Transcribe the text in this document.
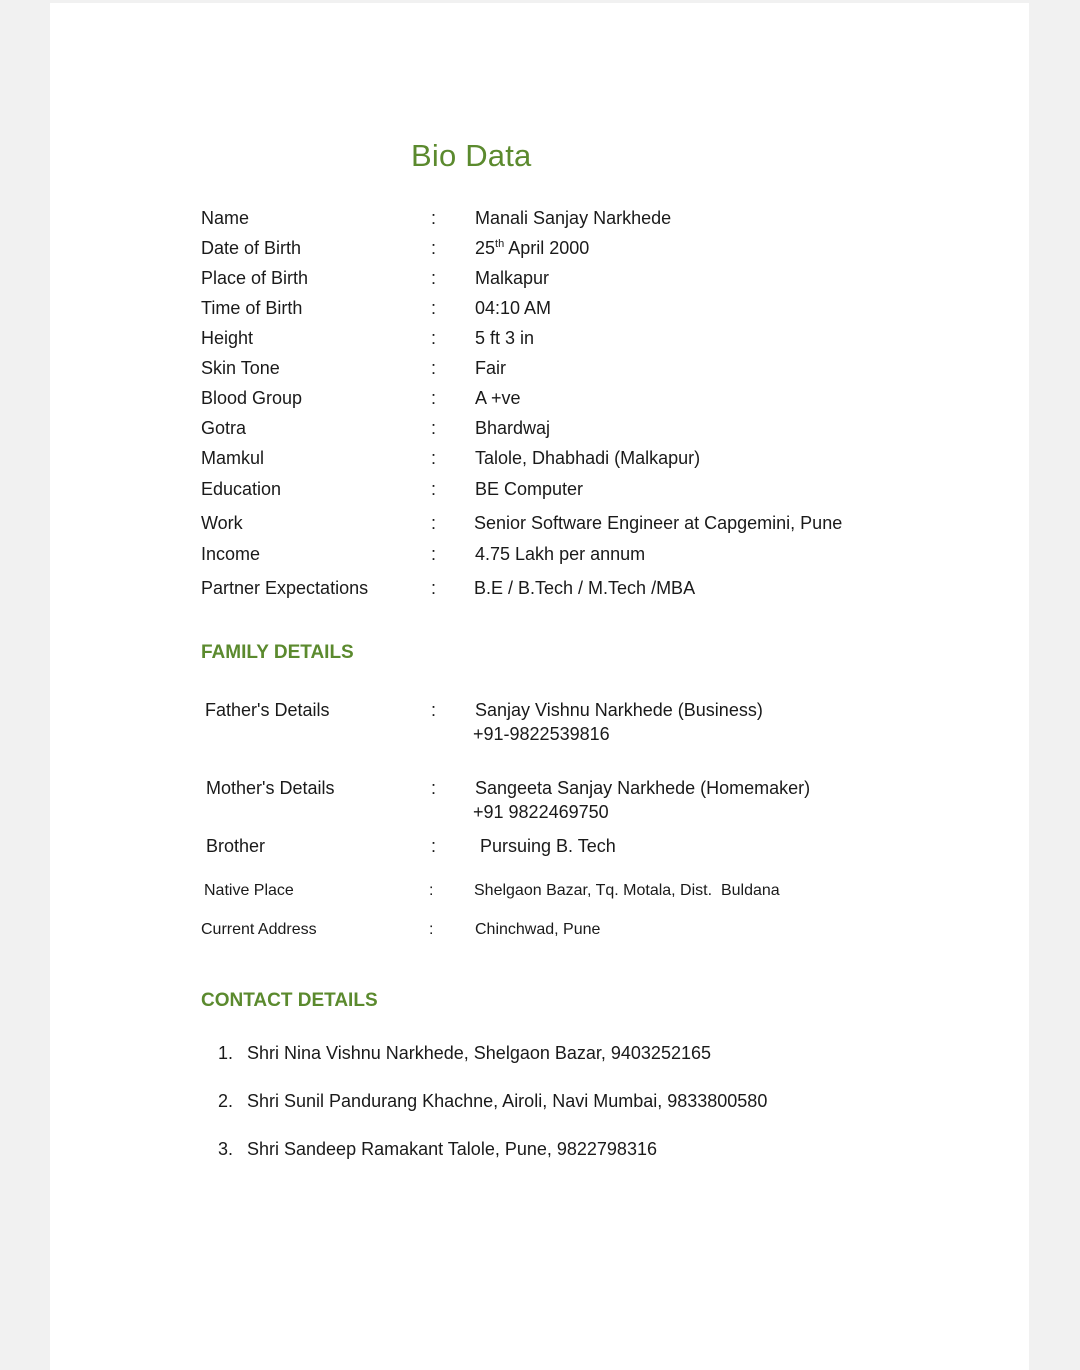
Bio Data
Name	: Manali Sanjay Narkhede
Date of Birth	: 25th April 2000
Place of Birth	: Malkapur
Time of Birth	: 04:10 AM
Height	: 5 ft 3 in
Skin Tone	: Fair
Blood Group	: A +ve
Gotra	: Bhardwaj
Mamkul	: Talole, Dhabhadi (Malkapur)
Education	: BE Computer
Work	: Senior Software Engineer at Capgemini, Pune
Income	: 4.75 Lakh per annum
Partner Expectations	: B.E / B.Tech / M.Tech /MBA
FAMILY DETAILS
Father's Details	: Sanjay Vishnu Narkhede (Business)
+91-9822539816
Mother's Details	: Sangeeta Sanjay Narkhede (Homemaker)
+91 9822469750
Brother	: Pursuing B. Tech
Native Place	:	Shelgaon Bazar, Tq. Motala, Dist.  Buldana
Current Address	:	Chinchwad, Pune
CONTACT DETAILS
1. Shri Nina Vishnu Narkhede, Shelgaon Bazar, 9403252165
2. Shri Sunil Pandurang Khachne, Airoli, Navi Mumbai, 9833800580
3. Shri Sandeep Ramakant Talole, Pune, 9822798316
